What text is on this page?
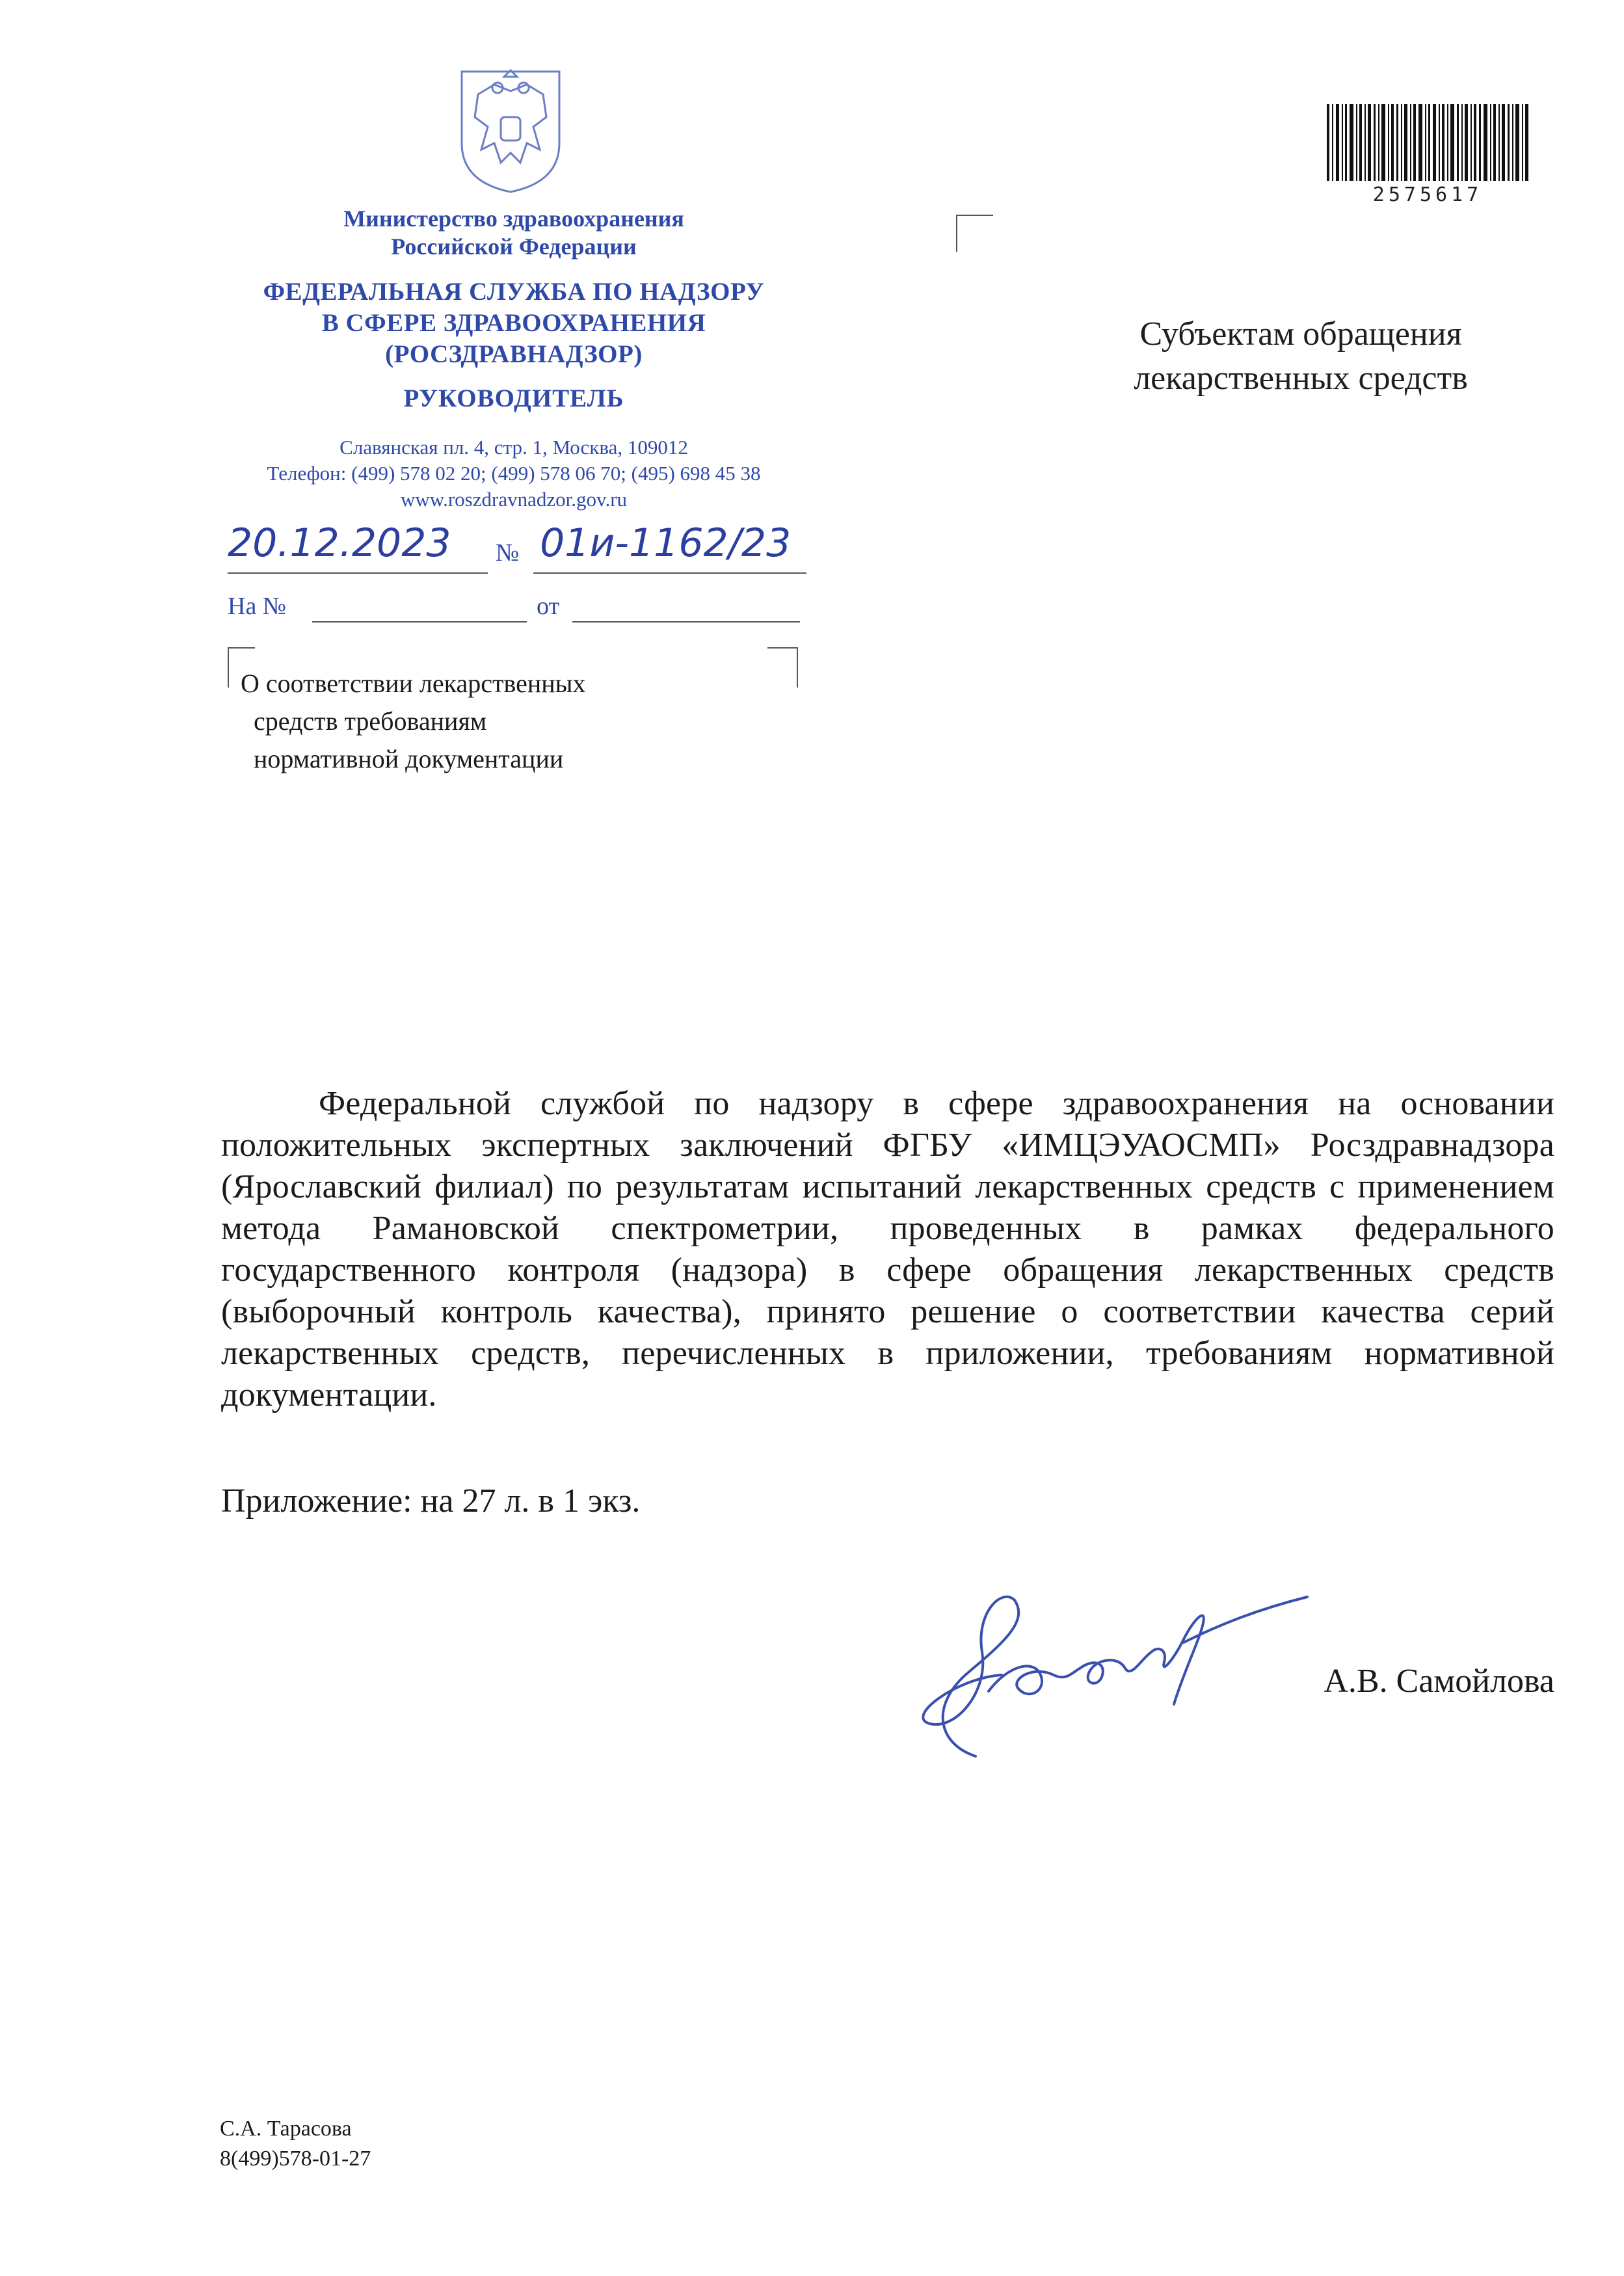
Министерство здравоохранения
Российской Федерации
ФЕДЕРАЛЬНАЯ СЛУЖБА ПО НАДЗОРУ
В СФЕРЕ ЗДРАВООХРАНЕНИЯ
(РОСЗДРАВНАДЗОР)
РУКОВОДИТЕЛЬ
Славянская пл. 4, стр. 1, Москва, 109012
Телефон: (499) 578 02 20; (499) 578 06 70; (495) 698 45 38
www.roszdravnadzor.gov.ru
20.12.2023 № 01и-1162/23
На №	от
2575617
Субъектам обращения
лекарственных средств
О соответствии лекарственных
средств требованиям
нормативной документации
Федеральной службой по надзору в сфере здравоохранения на основании положительных экспертных заключений ФГБУ «ИМЦЭУАОСМП» Росздравнадзора (Ярославский филиал) по результатам испытаний лекарственных средств с применением метода Рамановской спектрометрии, проведенных в рамках федерального государственного контроля (надзора) в сфере обращения лекарственных средств (выборочный контроль качества), принято решение о соответствии качества серий лекарственных средств, перечисленных в приложении, требованиям нормативной документации.
Приложение: на 27 л. в 1 экз.
А.В. Самойлова
С.А. Тарасова
8(499)578-01-27
